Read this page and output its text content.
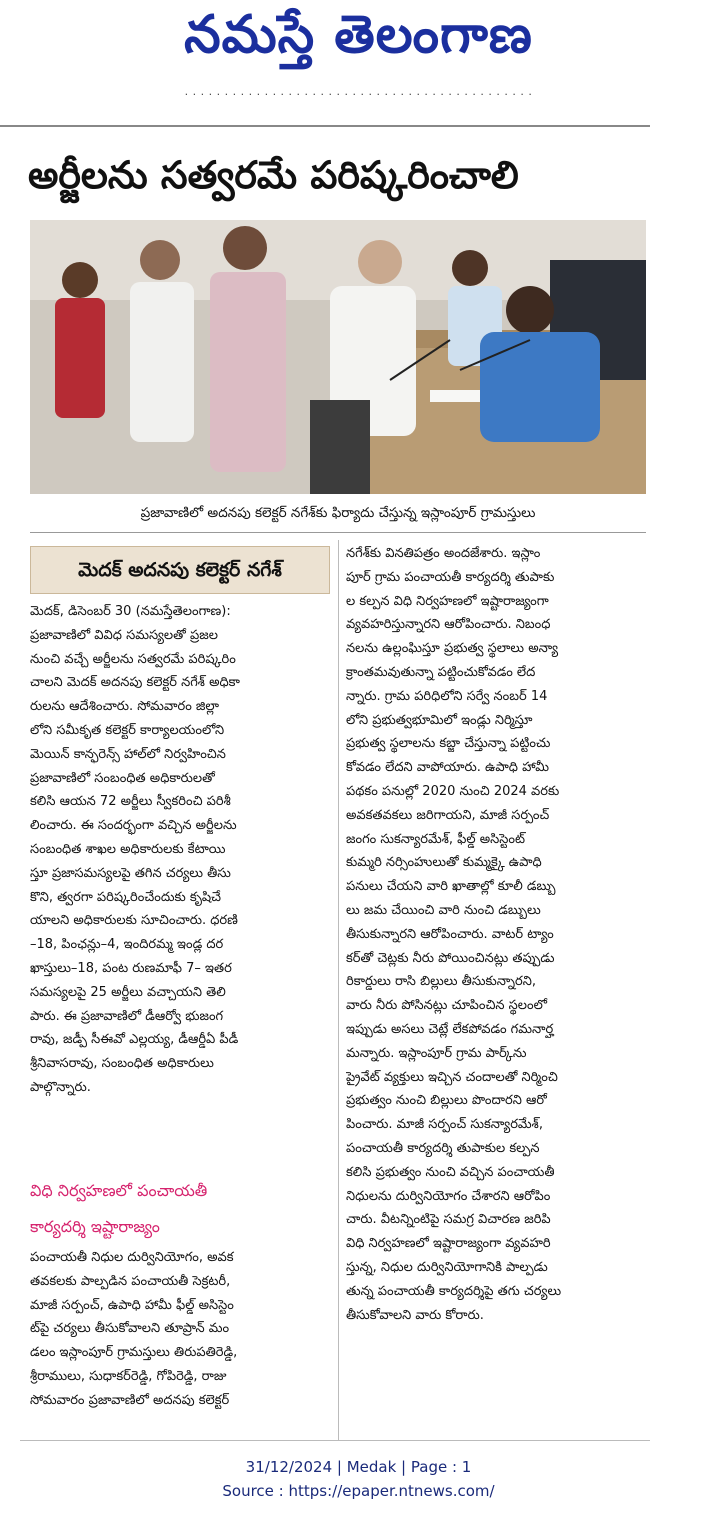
నమస్తే తెలంగాణ
· · · · · · · · · · · · · · · · · · · · · · · · · · · · · · · · · · · · · · · · · · · ·
అర్జీలను సత్వరమే పరిష్కరించాలి
ప్రజావాణిలో అదనపు కలెక్టర్ నగేశ్‌కు ఫిర్యాదు చేస్తున్న ఇస్లాంపూర్ గ్రామస్తులు
మెదక్ అదనపు కలెక్టర్ నగేశ్
మెదక్, డిసెంబర్ 30 (నమస్తేతెలంగాణ):
ప్రజావాణిలో వివిధ సమస్యలతో ప్రజల
నుంచి వచ్చే అర్జీలను సత్వరమే పరిష్కరిం
చాలని మెదక్ అదనపు కలెక్టర్ నగేశ్ అధికా
రులను ఆదేశించారు. సోమవారం జిల్లా
లోని సమీకృత కలెక్టర్ కార్యాలయంలోని
మెయిన్ కాన్ఫరెన్స్ హాల్‌లో నిర్వహించిన
ప్రజావాణిలో సంబంధిత అధికారులతో
కలిసి ఆయన 72 అర్జీలు స్వీకరించి పరిశీ
లించారు. ఈ సందర్భంగా వచ్చిన అర్జీలను
సంబంధిత శాఖల అధికారులకు కేటాయి
స్తూ ప్రజాసమస్యలపై తగిన చర్యలు తీసు
కొని, త్వరగా పరిష్కరించేందుకు కృషిచే
యాలని అధికారులకు సూచించారు. ధరణి
–18, పింఛన్లు–4, ఇందిరమ్మ ఇండ్ల దర
ఖాస్తులు–18, పంట రుణమాఫీ 7– ఇతర
సమస్యలపై 25 అర్జీలు వచ్చాయని తెలి
పారు. ఈ ప్రజావాణిలో డీఆర్వో భుజంగ
రావు, జడ్పీ సీఈవో ఎల్లయ్య, డీఆర్డీఏ పీడీ
శ్రీనివాసరావు, సంబంధిత అధికారులు
పాల్గొన్నారు.
విధి నిర్వహణలో పంచాయతీ
కార్యదర్శి ఇష్టారాజ్యం
పంచాయతీ నిధుల దుర్వినియోగం, అవక
తవకలకు పాల్పడిన పంచాయతీ సెక్రటరీ,
మాజీ సర్పంచ్, ఉపాధి హామీ ఫీల్డ్ అసిస్టెం
ట్‌పై చర్యలు తీసుకోవాలని తూప్రాన్ మం
డలం ఇస్లాంపూర్ గ్రామస్తులు తిరుపతిరెడ్డి,
శ్రీరాములు, సుధాకర్‌రెడ్డి, గోపిరెడ్డి, రాజు
సోమవారం ప్రజావాణిలో అదనపు కలెక్టర్
నగేశ్‌కు వినతిపత్రం అందజేశారు. ఇస్లాం
పూర్ గ్రామ పంచాయతీ కార్యదర్శి తుపాకు
ల కల్పన విధి నిర్వహణలో ఇష్టారాజ్యంగా
వ్యవహరిస్తున్నారని ఆరోపించారు. నిబంధ
నలను ఉల్లంఘిస్తూ ప్రభుత్వ స్థలాలు అన్యా
క్రాంతమవుతున్నా పట్టించుకోవడం లేద
న్నారు. గ్రామ పరిధిలోని సర్వే నంబర్ 14
లోని ప్రభుత్వభూమిలో ఇండ్లు నిర్మిస్తూ
ప్రభుత్వ స్థలాలను కబ్జా చేస్తున్నా పట్టించు
కోవడం లేదని వాపోయారు. ఉపాధి హామీ
పథకం పనుల్లో 2020 నుంచి 2024 వరకు
అవకతవకలు జరిగాయని, మాజీ సర్పంచ్
జంగం సుకన్యారమేశ్, ఫీల్డ్ అసిస్టెంట్
కుమ్మరి నర్సింహులుతో కుమ్మక్కై ఉపాధి
పనులు చేయని వారి ఖాతాల్లో కూలీ డబ్బు
లు జమ చేయించి వారి నుంచి డబ్బులు
తీసుకున్నారని ఆరోపించారు. వాటర్ ట్యాం
కర్‌తో చెట్లకు నీరు పోయించినట్లు తప్పుడు
రికార్డులు రాసి బిల్లులు తీసుకున్నారని,
వారు నీరు పోసినట్లు చూపించిన స్థలంలో
ఇప్పుడు అసలు చెట్లే లేకపోవడం గమనార్హ
మన్నారు. ఇస్లాంపూర్ గ్రామ పార్క్‌ను
ప్రైవేట్ వ్యక్తులు ఇచ్చిన చందాలతో నిర్మించి
ప్రభుత్వం నుంచి బిల్లులు పొందారని ఆరో
పించారు. మాజీ సర్పంచ్ సుకన్యారమేశ్,
పంచాయతీ కార్యదర్శి తుపాకుల కల్పన
కలిసి ప్రభుత్వం నుంచి వచ్చిన పంచాయతీ
నిధులను దుర్వినియోగం చేశారని ఆరోపిం
చారు. వీటన్నింటిపై సమగ్ర విచారణ జరిపి
విధి నిర్వహణలో ఇష్టారాజ్యంగా వ్యవహరి
స్తున్న, నిధుల దుర్వినియోగానికి పాల్పడు
తున్న పంచాయతీ కార్యదర్శిపై తగు చర్యలు
తీసుకోవాలని వారు కోరారు.
31/12/2024 | Medak | Page : 1
Source : https://epaper.ntnews.com/
